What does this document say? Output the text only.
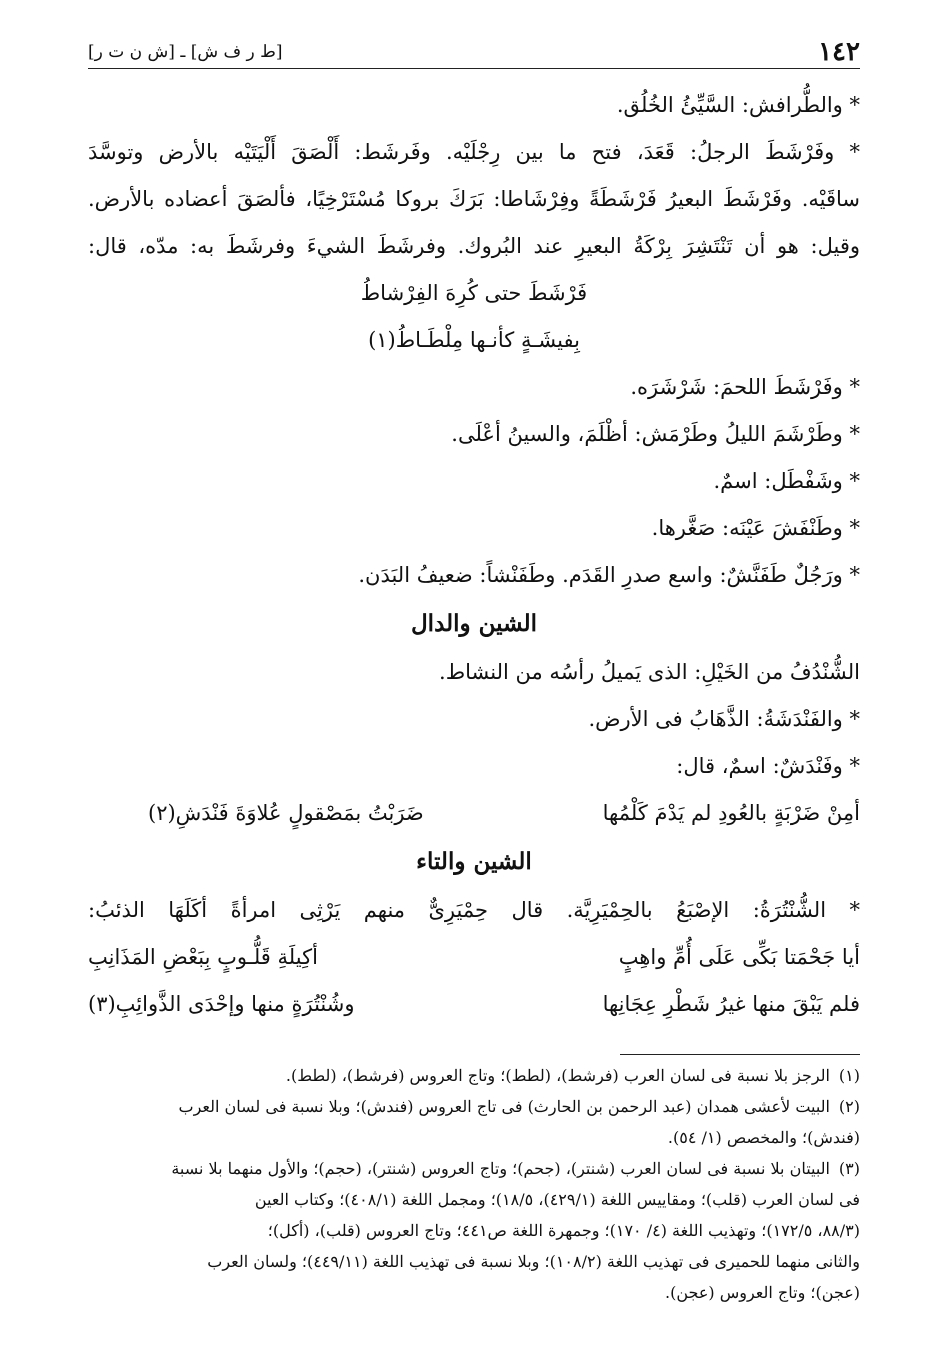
١٤٢
[ط ر ف ش] ـ [ش ن ت ر]
* والطُّرافش: السَّيِّئُ الخُلُق.
* وفَرْشَطَ الرجلُ: قَعَدَ، فتح ما بين رِجْلَيْه. وفَرشَط: أَلْصَقَ أَلْيَتَيْه بالأرض وتوسَّدَ
ساقَيْه. وفَرْشَطَ البعيرُ فَرْشَطَةً وفِرْشَاطا: بَرَكَ بروكا مُسْتَرْخِيًا، فألصَقَ أعضاده بالأرض.
وقيل: هو أن تَنْتَشِرَ بِرْكَةُ البعيرِ عند البُروك. وفرشَطَ الشيءَ وفرشَطَ به: مدّه، قال:
فَرْشَطَ حتى كُرِهَ الفِرْشاطُ
بِفيشَـةٍ كأنـها مِلْطَـاطُ(١)
* وفَرْشَطَ اللحمَ: شَرْشَرَه.
* وطَرْشَمَ الليلُ وطَرْمَش: أظْلَمَ، والسينُ أعْلَى.
* وشَفْطَل: اسمٌ.
* وطَنْفَشَ عَيْنَه: صَغَّرها.
* ورَجُلٌ طَفَنَّشٌ: واسع صدرِ القَدَم. وطَفَنْشاً: ضعيفُ البَدَن.
الشين والدال
الشُّنْدُفُ من الخَيْلِ: الذى يَميلُ رأسُه من النشاط.
* والفَنْدَشَةُ: الذَّهَابُ فى الأرض.
* وفَنْدَشٌ: اسمٌ، قال:
أمِنْ ضَرْبَةٍ بالعُودِ لم يَدْمَ كَلْمُها
ضَرَبْتُ بمَصْقولٍ عُلاوَةَ فَنْدَشِ(٢)
الشين والتاء
* الشُّنْتُرَةُ: الإصْبَعُ بالحِمْيَرِيَّة. قال حِمْيَرِىٌّ منهم يَرْثِى امرأةً أكَلَهَا الذئبُ:
أيا جَحْمَتا بَكِّى عَلَى أُمِّ واهِبٍ
أكِيلَةِ قَلُّـوبٍ بِبَعْضِ المَذَانِبِ
فلم يَبْقَ منها غيرُ شَطْرِ عِجَانِها
وشُنْتُرَةٍ منها وإحْدَى الذَّوائِبِ(٣)
(١)الرجز بلا نسبة فى لسان العرب (فرشط)، (لطط)؛ وتاج العروس (فرشط)، (لطط).
(٢)البيت لأعشى همدان (عبد الرحمن بن الحارث) فى تاج العروس (فندش)؛ وبلا نسبة فى لسان العرب
(فندش)؛ والمخصص (١/ ٥٤).
(٣)البيتان بلا نسبة فى لسان العرب (شنتر)، (جحم)؛ وتاج العروس (شنتر)، (حجم)؛ والأول منهما بلا نسبة
فى لسان العرب (قلب)؛ ومقاييس اللغة (٤٢٩/١)، ١٨/٥)؛ ومجمل اللغة (٤٠٨/١)؛ وكتاب العين
(٨٨/٣، ١٧٢/٥)؛ وتهذيب اللغة (٤/ ١٧٠)؛ وجمهرة اللغة ص٤٤١؛ وتاج العروس (قلب)، (أكل)؛
والثانى منهما للحميرى فى تهذيب اللغة (١٠٨/٢)؛ وبلا نسبة فى تهذيب اللغة (٤٤٩/١١)؛ ولسان العرب
(عجن)؛ وتاج العروس (عجن).
